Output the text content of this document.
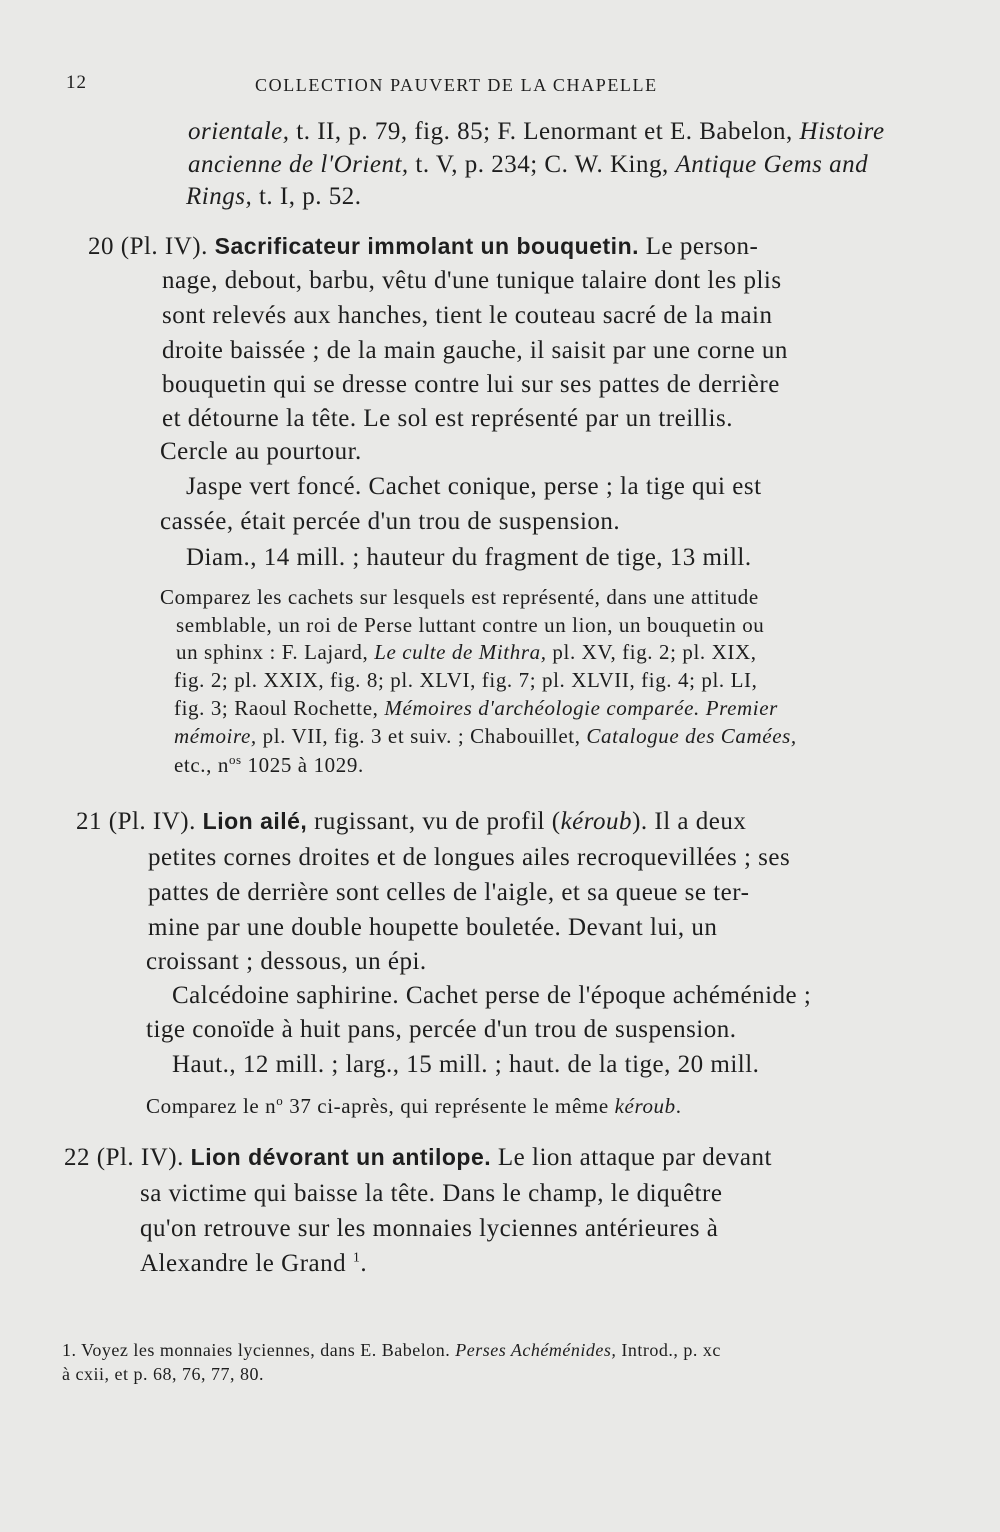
12	COLLECTION PAUVERT DE LA CHAPELLE
orientale, t. II, p. 79, fig. 85; F. Lenormant et E. Babelon, Histoire
ancienne de l'Orient, t. V, p. 234; C. W. King, Antique Gems and
Rings, t. I, p. 52.
20 (Pl. IV). Sacrificateur immolant un bouquetin. Le person-
nage, debout, barbu, vêtu d'une tunique talaire dont les plis
sont relevés aux hanches, tient le couteau sacré de la main
droite baissée ; de la main gauche, il saisit par une corne un
bouquetin qui se dresse contre lui sur ses pattes de derrière
et détourne la tête. Le sol est représenté par un treillis.
Cercle au pourtour.
Jaspe vert foncé. Cachet conique, perse ; la tige qui est
cassée, était percée d'un trou de suspension.
Diam., 14 mill. ; hauteur du fragment de tige, 13 mill.
Comparez les cachets sur lesquels est représenté, dans une attitude
semblable, un roi de Perse luttant contre un lion, un bouquetin ou
un sphinx : F. Lajard, Le culte de Mithra, pl. XV, fig. 2; pl. XIX,
fig. 2; pl. XXIX, fig. 8; pl. XLVI, fig. 7; pl. XLVII, fig. 4; pl. LI,
fig. 3; Raoul Rochette, Mémoires d'archéologie comparée. Premier
mémoire, pl. VII, fig. 3 et suiv. ; Chabouillet, Catalogue des Camées,
etc., $n^{os}$ 1025 à 1029.
21 (Pl. IV). Lion ailé, rugissant, vu de profil (kéroub). Il a deux
petites cornes droites et de longues ailes recroquevillées ; ses
pattes de derrière sont celles de l'aigle, et sa queue se ter-
mine par une double houpette bouletée. Devant lui, un
croissant ; dessous, un épi.
Calcédoine saphirine. Cachet perse de l'époque achéménide ;
tige conoïde à huit pans, percée d'un trou de suspension.
Haut., 12 mill. ; larg., 15 mill. ; haut. de la tige, 20 mill.
Comparez le $n^o$ 37 ci-après, qui représente le même kéroub.
22 (Pl. IV). Lion dévorant un antilope. Le lion attaque par devant
sa victime qui baisse la tête. Dans le champ, le diquêtre
qu'on retrouve sur les monnaies lyciennes antérieures à
Alexandre le Grand $^1$.
1. Voyez les monnaies lyciennes, dans E. Babelon. Perses Achéménides, Introd., p. xc
à cxii, et p. 68, 76, 77, 80.
